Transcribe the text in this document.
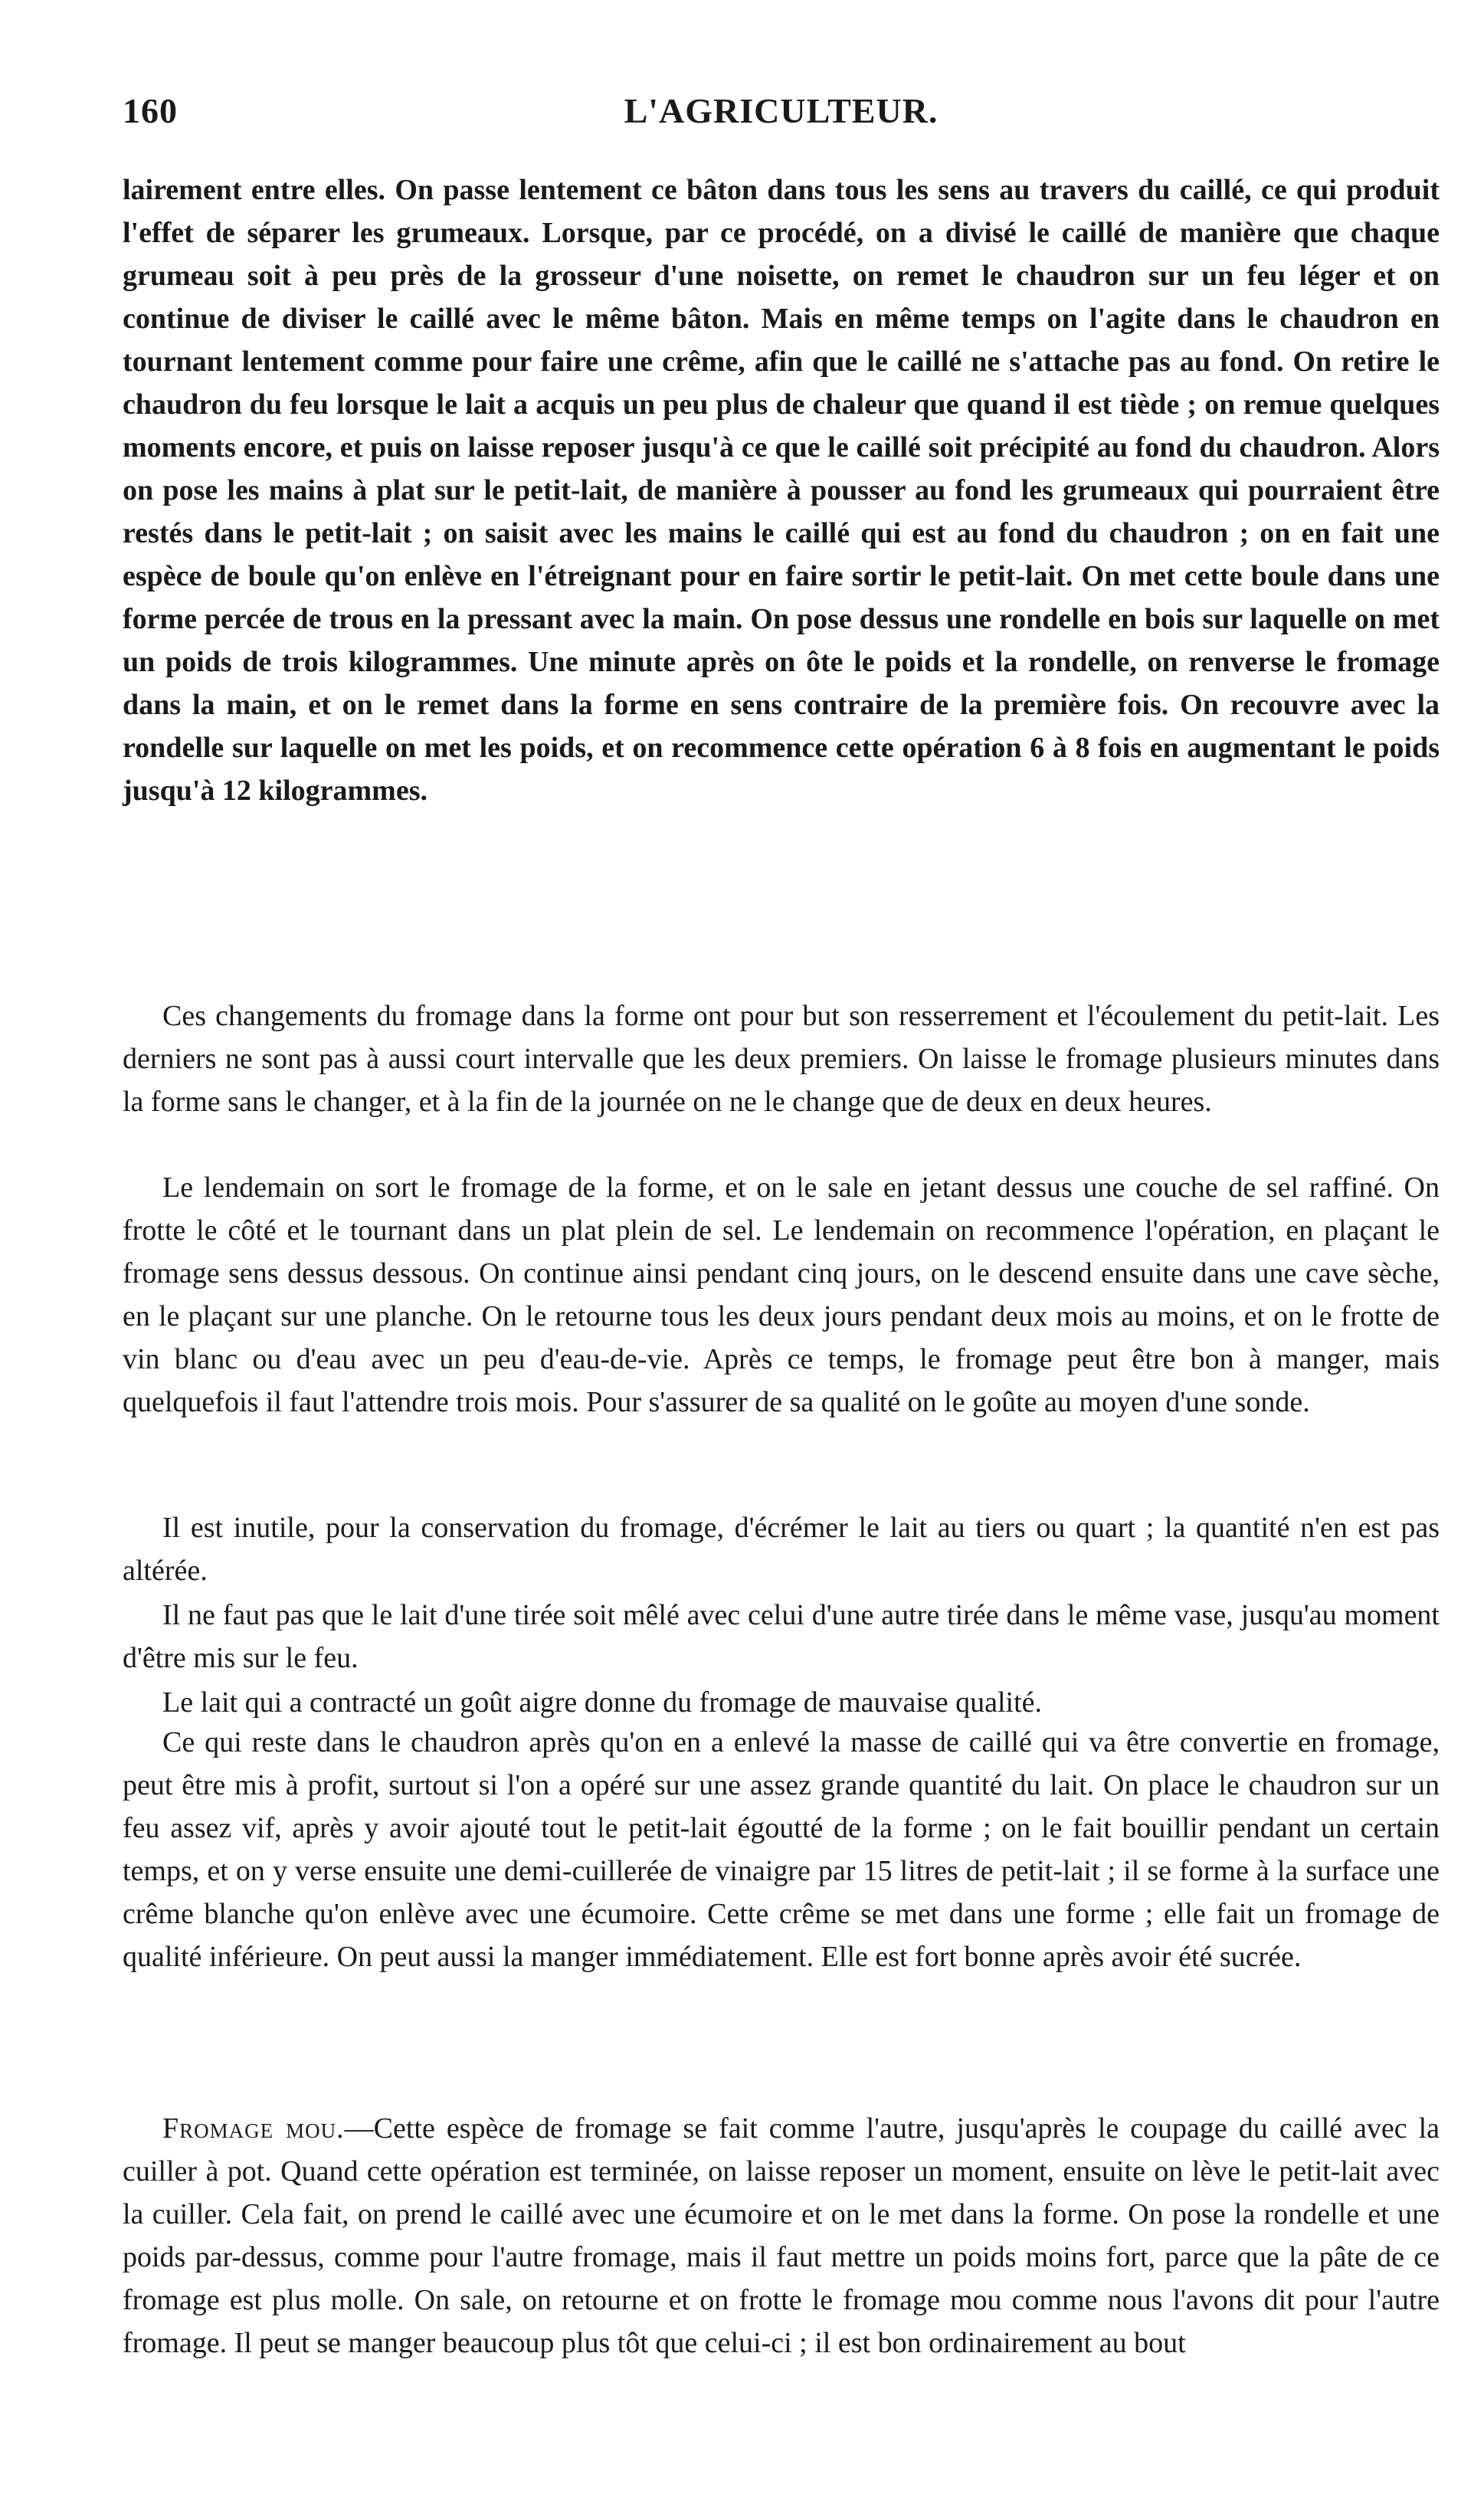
160	L'AGRICULTEUR.

lairement entre elles. On passe lentement ce bâton dans tous les sens au travers du caillé, ce qui produit l'effet de séparer les grumeaux. Lorsque, par ce procédé, on a divisé le caillé de manière que chaque grumeau soit à peu près de la grosseur d'une noisette, on remet le chaudron sur un feu léger et on continue de diviser le caillé avec le même bâton. Mais en même temps on l'agite dans le chaudron en tournant lentement comme pour faire une crême, afin que le caillé ne s'attache pas au fond. On retire le chaudron du feu lorsque le lait a acquis un peu plus de chaleur que quand il est tiède ; on remue quelques moments encore, et puis on laisse reposer jusqu'à ce que le caillé soit précipité au fond du chaudron. Alors on pose les mains à plat sur le petit-lait, de manière à pousser au fond les grumeaux qui pourraient être restés dans le petit-lait ; on saisit avec les mains le caillé qui est au fond du chaudron ; on en fait une espèce de boule qu'on enlève en l'étreignant pour en faire sortir le petit-lait. On met cette boule dans une forme percée de trous en la pressant avec la main. On pose dessus une rondelle en bois sur laquelle on met un poids de trois kilogrammes. Une minute après on ôte le poids et la rondelle, on renverse le fromage dans la main, et on le remet dans la forme en sens contraire de la première fois. On recouvre avec la rondelle sur laquelle on met les poids, et on recommence cette opération 6 à 8 fois en augmentant le poids jusqu'à 12 kilogrammes.

Ces changements du fromage dans la forme ont pour but son resserrement et l'écoulement du petit-lait. Les derniers ne sont pas à aussi court intervalle que les deux premiers. On laisse le fromage plusieurs minutes dans la forme sans le changer, et à la fin de la journée on ne le change que de deux en deux heures.

Le lendemain on sort le fromage de la forme, et on le sale en jetant dessus une couche de sel raffiné. On frotte le côté et le tournant dans un plat plein de sel. Le lendemain on recommence l'opération, en plaçant le fromage sens dessus dessous. On continue ainsi pendant cinq jours, on le descend ensuite dans une cave sèche, en le plaçant sur une planche. On le retourne tous les deux jours pendant deux mois au moins, et on le frotte de vin blanc ou d'eau avec un peu d'eau-de-vie. Après ce temps, le fromage peut être bon à manger, mais quelquefois il faut l'attendre trois mois. Pour s'assurer de sa qualité on le goûte au moyen d'une sonde.

Il est inutile, pour la conservation du fromage, d'écrémer le lait au tiers ou quart ; la quantité n'en est pas altérée.

Il ne faut pas que le lait d'une tirée soit mêlé avec celui d'une autre tirée dans le même vase, jusqu'au moment d'être mis sur le feu.

Le lait qui a contracté un goût aigre donne du fromage de mauvaise qualité.

Ce qui reste dans le chaudron après qu'on en a enlevé la masse de caillé qui va être convertie en fromage, peut être mis à profit, surtout si l'on a opéré sur une assez grande quantité du lait. On place le chaudron sur un feu assez vif, après y avoir ajouté tout le petit-lait égoutté de la forme ; on le fait bouillir pendant un certain temps, et on y verse ensuite une demi-cuillerée de vinaigre par 15 litres de petit-lait ; il se forme à la surface une crême blanche qu'on enlève avec une écumoire. Cette crême se met dans une forme ; elle fait un fromage de qualité inférieure. On peut aussi la manger immédiatement. Elle est fort bonne après avoir été sucrée.

Fromage mou.—Cette espèce de fromage se fait comme l'autre, jusqu'après le coupage du caillé avec la cuiller à pot. Quand cette opération est terminée, on laisse reposer un moment, ensuite on lève le petit-lait avec la cuiller. Cela fait, on prend le caillé avec une écumoire et on le met dans la forme. On pose la rondelle et une poids par-dessus, comme pour l'autre fromage, mais il faut mettre un poids moins fort, parce que la pâte de ce fromage est plus molle. On sale, on retourne et on frotte le fromage mou comme nous l'avons dit pour l'autre fromage. Il peut se manger beaucoup plus tôt que celui-ci ; il est bon ordinairement au bout
